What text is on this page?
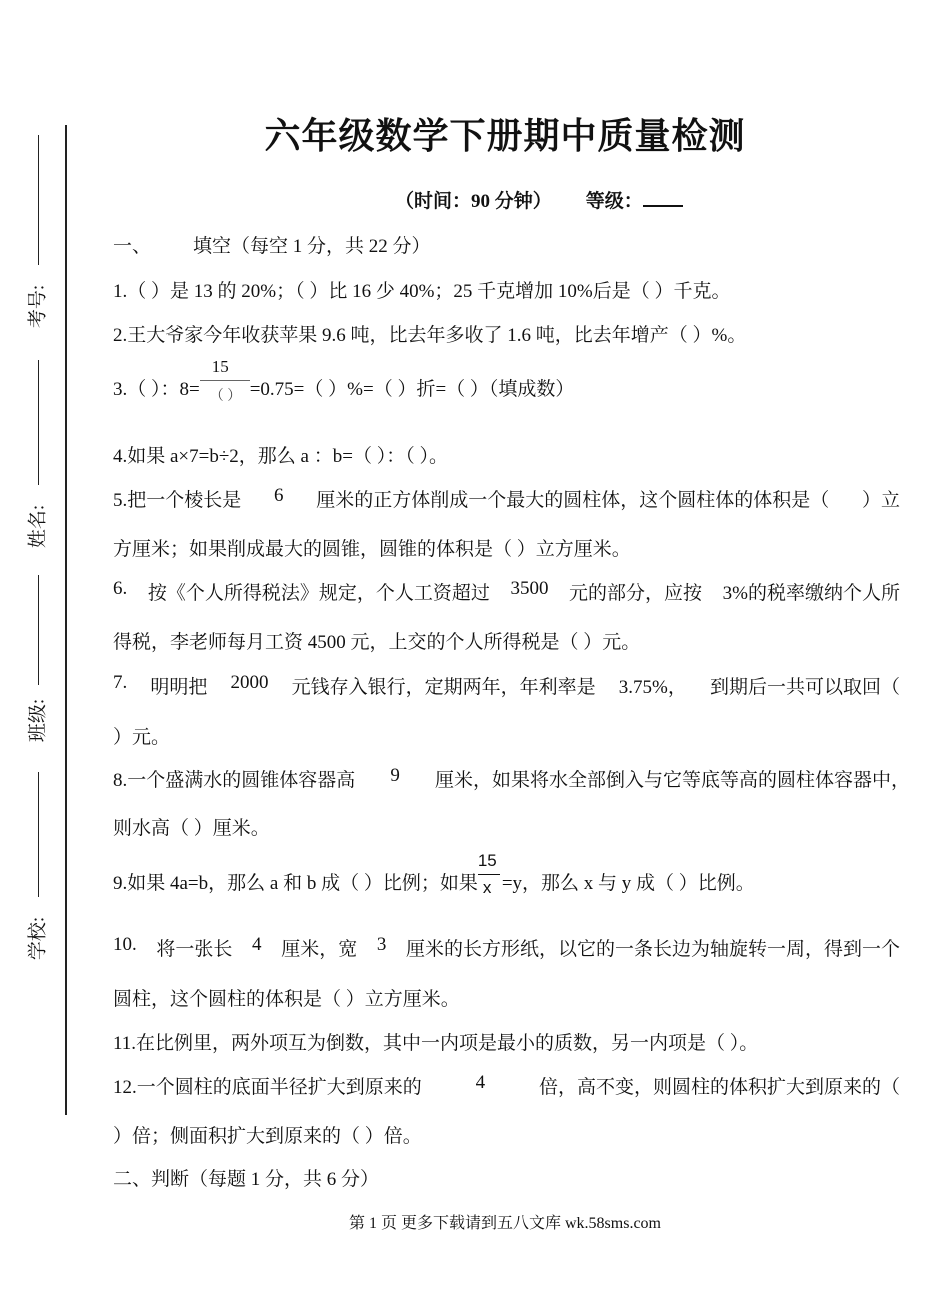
考号:
姓名:
班级:
学校:
六年级数学下册期中质量检测
（时间：90 分钟） 等级：
一、 填空（每空 1 分，共 22 分）
1.（ ）是 13 的 20%；（ ）比 16 少 40%；25 千克增加 10%后是（ ）千克。
2.王大爷家今年收获苹果 9.6 吨，比去年多收了 1.6 吨，比去年增产（ ）%。
3.（ ）：$8= \frac{15}{( )} =0.75=$（ ）%=（ ）折=（ ）（填成数）
4.如果 a×7=b÷2，那么 a ：b=（ ）：（ ）。
5.把一个棱长是 6 厘米的正方体削成一个最大的圆柱体，这个圆柱体的体积是（ ）立
方厘米；如果削成最大的圆锥，圆锥的体积是（ ）立方厘米。
6. 按《个人所得税法》规定，个人工资超过 3500 元的部分，应按 3%的税率缴纳个人所
得税，李老师每月工资 4500 元，上交的个人所得税是（ ）元。
7. 明明把 2000 元钱存入银行，定期两年，年利率是 3.75%， 到期后一共可以取回（
）元。
8.一个盛满水的圆锥体容器高 9 厘米，如果将水全部倒入与它等底等高的圆柱体容器中，
则水高（ ）厘米。
9.如果 4a=b，那么 a 和 b 成（ ）比例；如果 $\frac{15}{x} =y$，那么 x 与 y 成（ ）比例。
10. 将一张长 4 厘米，宽 3 厘米的长方形纸，以它的一条长边为轴旋转一周，得到一个
圆柱，这个圆柱的体积是（ ）立方厘米。
11.在比例里，两外项互为倒数，其中一内项是最小的质数，另一内项是（ ）。
12.一个圆柱的底面半径扩大到原来的	4	倍，高不变，则圆柱的体积扩大到原来的（
）倍；侧面积扩大到原来的（ ）倍。
二、判断（每题 1 分，共 6 分）
第 1 页 更多下载请到五八文库 wk.58sms.com
